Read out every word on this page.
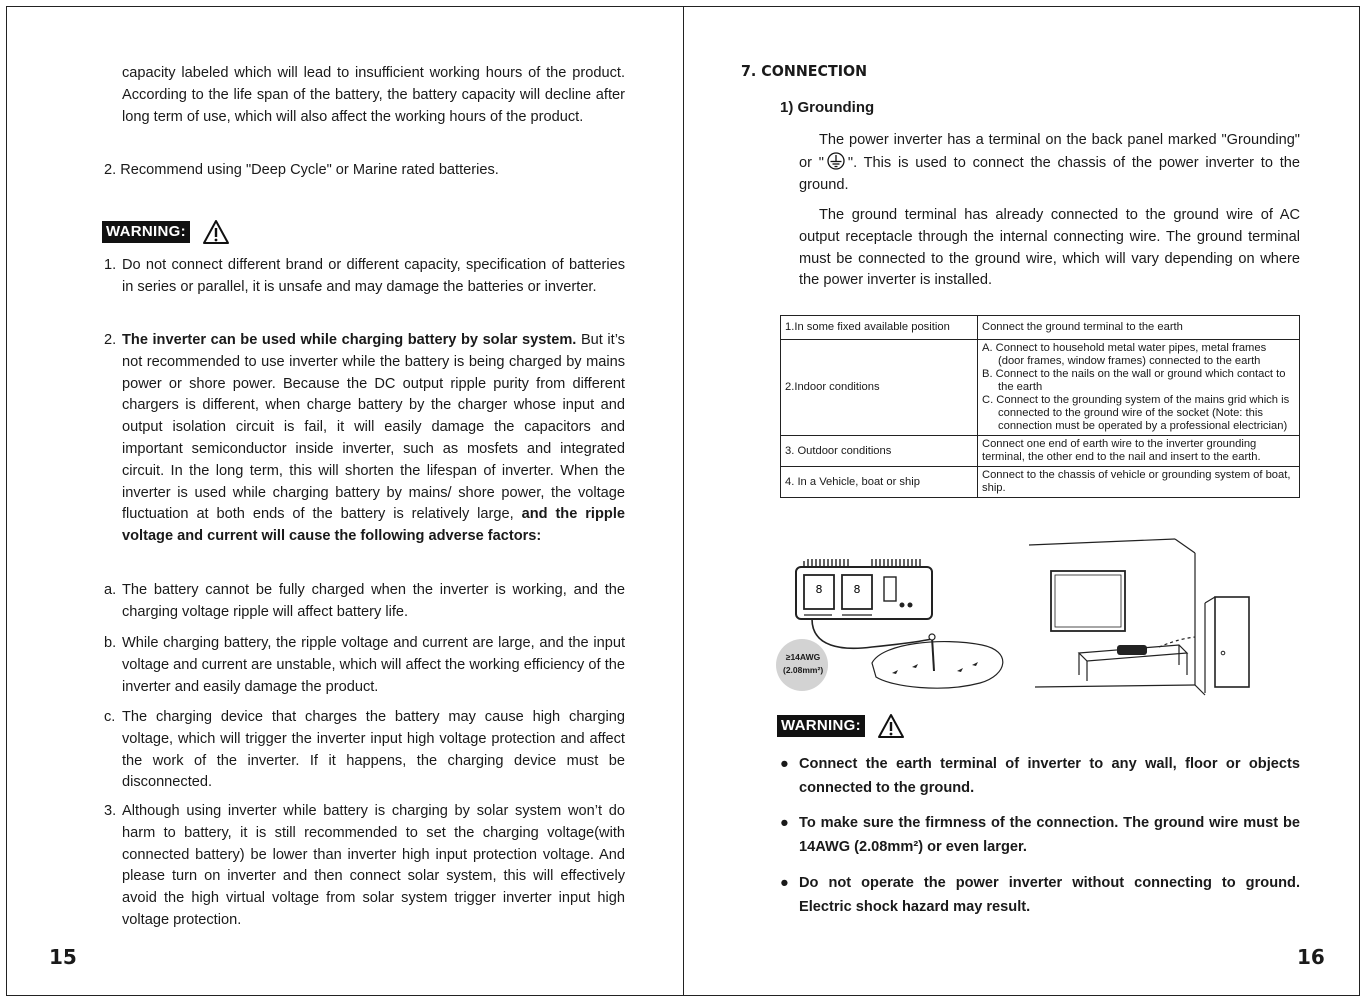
capacity labeled which will lead to insufficient working hours of the product. According to the life span of the battery, the battery capacity will decline after long term of use, which will also affect the working hours of the product.

2. Recommend using "Deep Cycle" or Marine rated batteries.

WARNING:
1. Do not connect different brand or different capacity, specification of batteries in series or parallel, it is unsafe and may damage the batteries or inverter.

2. The inverter can be used while charging battery by solar system. But it’s not recommended to use inverter while the battery is being charged by mains power or shore power. Because the DC output ripple purity from different chargers is different, when charge battery by the charger whose input and output isolation circuit is fail, it will easily damage the capacitors and important semiconductor inside inverter, such as mosfets and integrated circuit. In the long term, this will shorten the lifespan of inverter. When the inverter is used while charging battery by mains/ shore power, the voltage fluctuation at both ends of the battery is relatively large, and the ripple voltage and current will cause the following adverse factors:

a. The battery cannot be fully charged when the inverter is working, and the charging voltage ripple will affect battery life.

b. While charging battery, the ripple voltage and current are large, and the input voltage and current are unstable, which will affect the working efficiency of the inverter and easily damage the product.

c. The charging device that charges the battery may cause high charging voltage, which will trigger the inverter input high voltage protection and affect the work of the inverter. If it happens, the charging device must be disconnected.

3. Although using inverter while battery is charging by solar system won’t do harm to battery, it is still recommended to set the charging voltage(with connected battery) be lower than inverter high input protection voltage. And please turn on inverter and then connect solar system, this will effectively avoid the high virtual voltage from solar system trigger inverter input high voltage protection.

15
7. CONNECTION
1) Grounding

The power inverter has a terminal on the back panel marked "Grounding" or " ". This is used to connect the chassis of the power inverter to the ground.

The ground terminal has already connected to the ground wire of AC output receptacle through the internal connecting wire. The ground terminal must be connected to the ground wire, which will vary depending on where the power inverter is installed.

1.In some fixed available position	Connect the ground terminal to the earth
2.Indoor conditions	A. Connect to household metal water pipes, metal frames (door frames, window frames) connected to the earth
B. Connect to the nails on the wall or ground which contact to the earth
C. Connect to the grounding system of the mains grid which is connected to the ground wire of the socket (Note: this connection must be operated by a professional electrician)

3. Outdoor conditions	Connect one end of earth wire to the inverter grounding terminal, the other end to the nail and insert to the earth.
4. In a Vehicle, boat or ship	Connect to the chassis of vehicle or grounding system of boat, ship.
8	8
≥14AWG
(2.08mm²)
WARNING:
● Connect the earth terminal of inverter to any wall, floor or objects connected to the ground.
● To make sure the firmness of the connection. The ground wire must be 14AWG (2.08mm²) or even larger.
● Do not operate the power inverter without connecting to ground. Electric shock hazard may result.
16
